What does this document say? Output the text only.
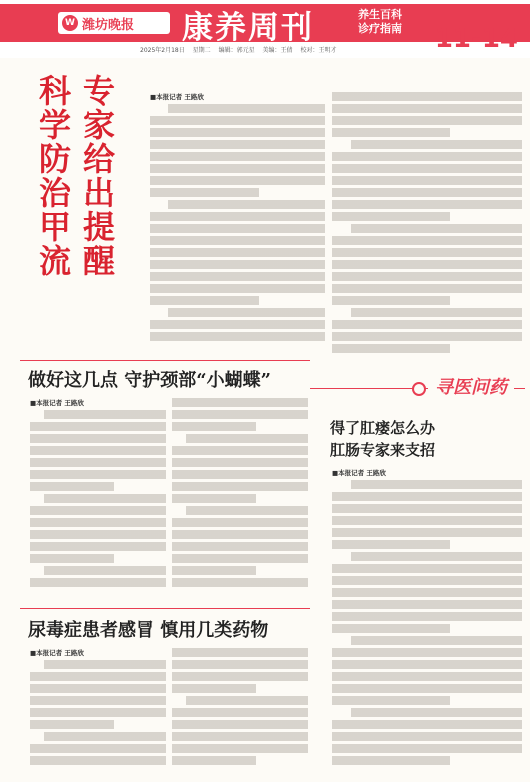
W 潍坊晚报 康养周刊	养生百科
诊疗指南	11-14
2025年2月18日 星期二 编辑：郭元星 美编：王倩 校对：王明才
科学防治甲流 专家给出提醒	■本报记者 王路欣
寻医问药
做好这几点 守护颈部“小蝴蝶”
■本报记者 王路欣
得了肛瘘怎么办
肛肠专家来支招
■本报记者 王路欣
尿毒症患者感冒 慎用几类药物
■本报记者 王路欣
